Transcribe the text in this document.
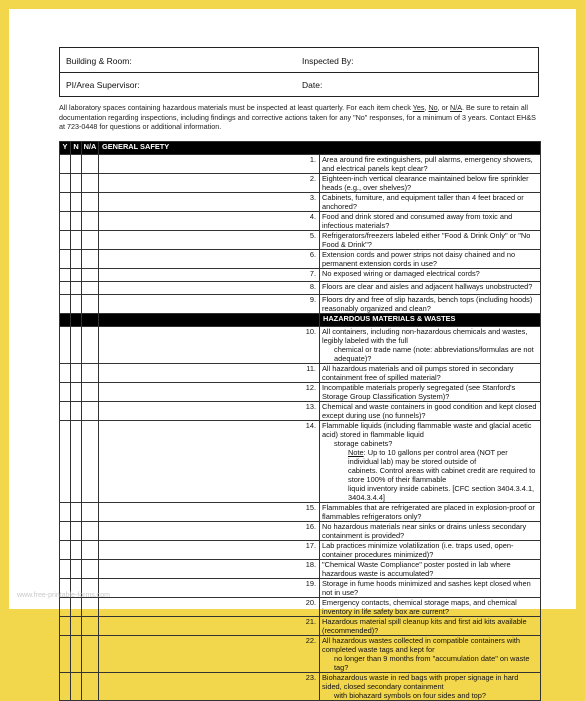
Building & Room:	Inspected By:
PI/Area Supervisor:	Date:
All laboratory spaces containing hazardous materials must be inspected at least quarterly. For each item check Yes, No, or N/A. Be sure to retain all documentation regarding inspections, including findings and corrective actions taken for any "No" responses, for a minimum of 3 years. Contact EH&S at 723-0448 for questions or additional information.
Y	N	N/A	GENERAL SAFETY	
			1.	Area around fire extinguishers, pull alarms, emergency showers, and electrical panels kept clear?
			2.	Eighteen-inch vertical clearance maintained below fire sprinkler heads (e.g., over shelves)?
			3.	Cabinets, furniture, and equipment taller than 4 feet braced or anchored?
			4.	Food and drink stored and consumed away from toxic and infectious materials?
			5.	Refrigerators/freezers labeled either "Food & Drink Only" or "No Food & Drink"?
			6.	Extension cords and power strips not daisy chained and no permanent extension cords in use?
			7.	No exposed wiring or damaged electrical cords?
			8.	Floors are clear and aisles and adjacent hallways unobstructed?
			9.	Floors dry and free of slip hazards, bench tops (including hoods) reasonably organized and clean?
				HAZARDOUS MATERIALS & WASTES
			10.	All containers, including non-hazardous chemicals and wastes, legibly labeled with the full
chemical or trade name (note: abbreviations/formulas are not adequate)?

			11.	All hazardous materials and oil pumps stored in secondary containment free of spilled material?
			12.	Incompatible materials properly segregated (see Stanford's Storage Group Classification System)?
			13.	Chemical and waste containers in good condition and kept closed except during use (no funnels)?
			14.	Flammable liquids (including flammable waste and glacial acetic acid) stored in flammable liquid
storage cabinets?
Note: Up to 10 gallons per control area (NOT per individual lab) may be stored outside of
cabinets. Control areas with cabinet credit are required to store 100% of their flammable
liquid inventory inside cabinets. [CFC section 3404.3.4.1, 3404.3.4.4]

			15.	Flammables that are refrigerated are placed in explosion-proof or flammables refrigerators only?
			16.	No hazardous materials near sinks or drains unless secondary containment is provided?
			17.	Lab practices minimize volatilization (i.e. traps used, open-container procedures minimized)?
			18.	"Chemical Waste Compliance" poster posted in lab where hazardous waste is accumulated?
			19.	Storage in fume hoods minimized and sashes kept closed when not in use?
			20.	Emergency contacts, chemical storage maps, and chemical inventory in life safety box are current?
			21.	Hazardous material spill cleanup kits and first aid kits available (recommended)?
			22.	All hazardous wastes collected in compatible containers with completed waste tags and kept for
no longer than 9 months from "accumulation date" on waste tag?

			23.	Biohazardous waste in red bags with proper signage in hard sided, closed secondary containment
with biohazard symbols on four sides and top?
www.free-printable-forms.com
